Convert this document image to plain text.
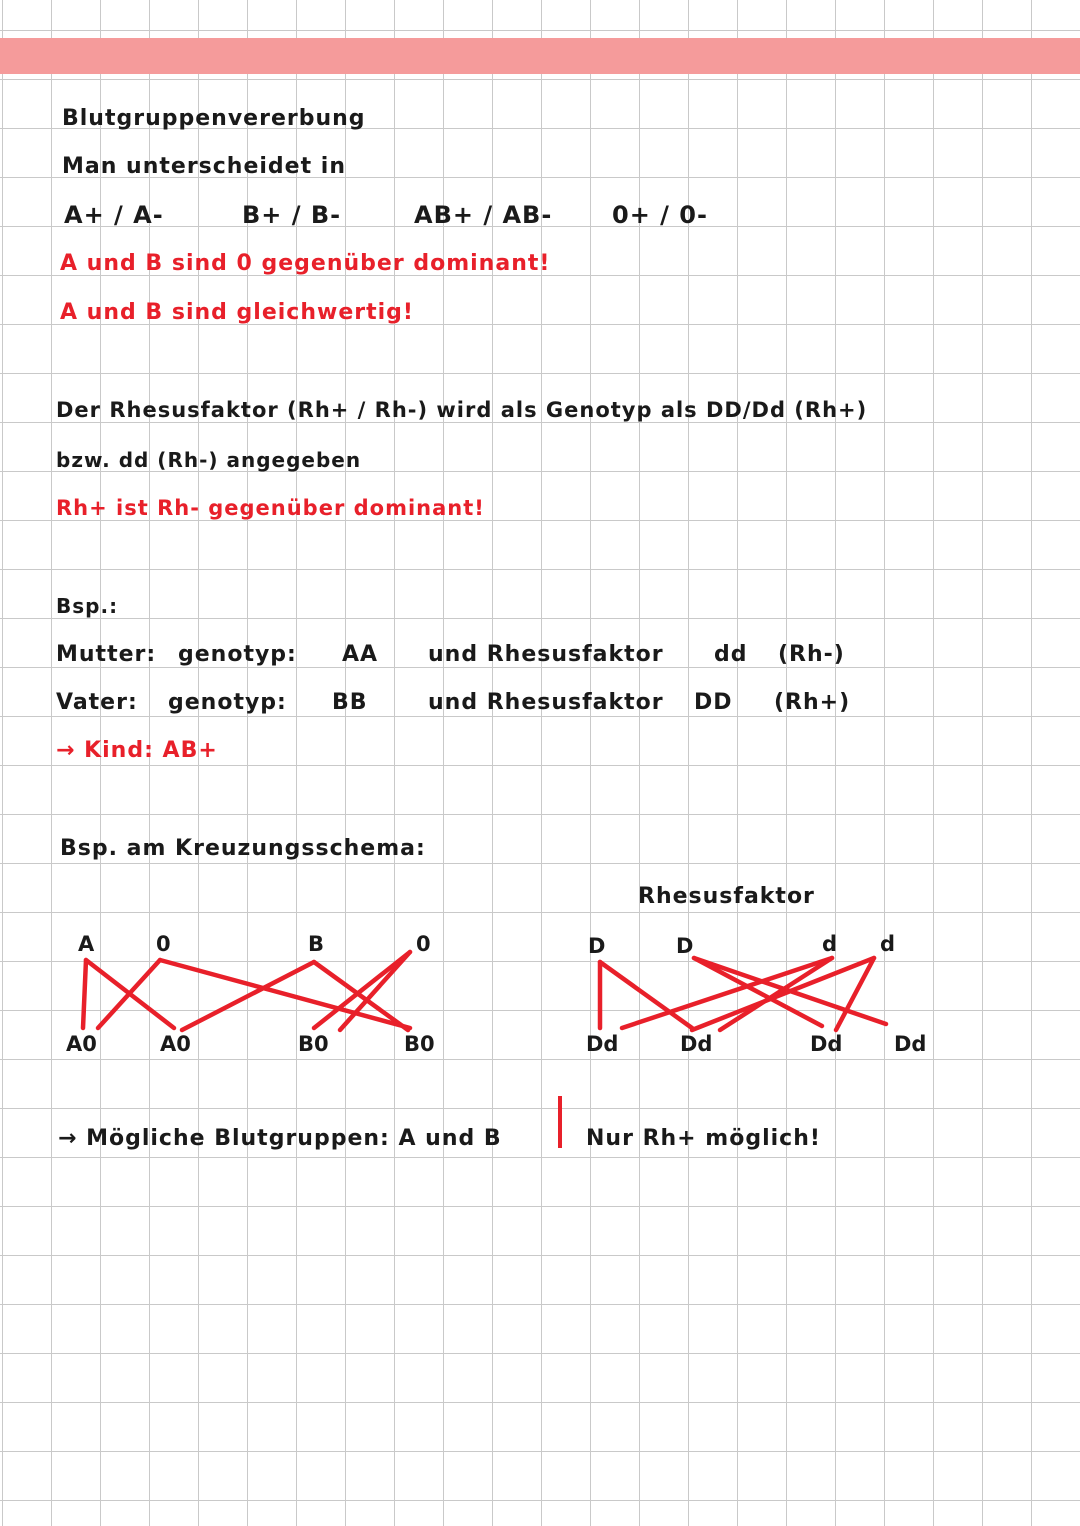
Blutgruppenvererbung
Man unterscheidet in
A+ / A-	B+ / B-	AB+ / AB- 0+ / 0-
A und B sind 0 gegenüber dominant!
A und B sind gleichwertig!
Der Rhesusfaktor (Rh+ / Rh-) wird als Genotyp als DD/Dd (Rh+)
bzw. dd (Rh-) angegeben
Rh+ ist Rh- gegenüber dominant!
Bsp.:
Mutter: genotyp: AA und Rhesusfaktor dd (Rh-)
Vater: genotyp: BB	und Rhesusfaktor DD (Rh+)
→ Kind: AB+
Bsp. am Kreuzungsschema:
Rhesusfaktor
A	0	B	0
A0	A0	B0	B0
D	D	d d
Dd	Dd	Dd Dd
→ Mögliche Blutgruppen: A und B	Nur Rh+ möglich!
